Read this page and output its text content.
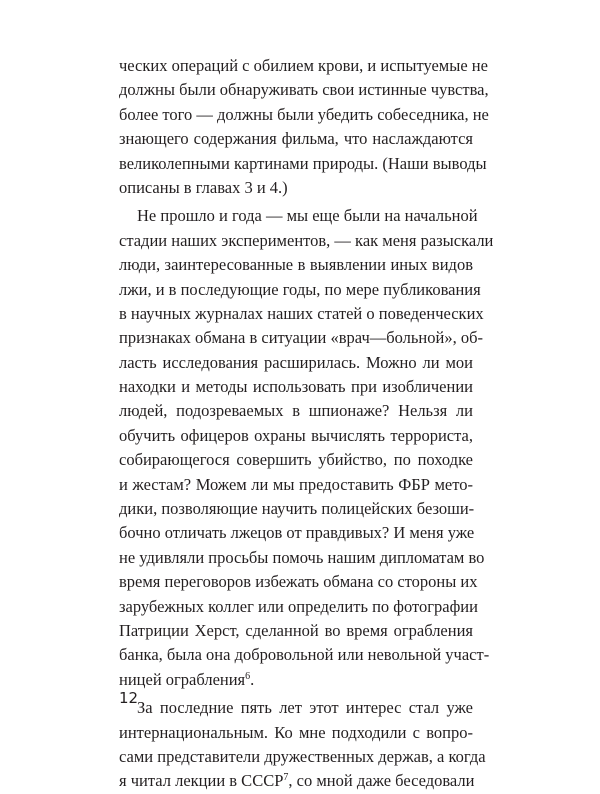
ческих операций с обилием крови, и испытуемые не
должны были обнаруживать свои истинные чувства,
более того — должны были убедить собеседника, не
знающего содержания фильма, что наслаждаются
великолепными картинами природы. (Наши выводы
описаны в главах 3 и 4.)
Не прошло и года — мы еще были на начальной
стадии наших экспериментов, — как меня разыскали
люди, заинтересованные в выявлении иных видов
лжи, и в последующие годы, по мере публикования
в научных журналах наших статей о поведенческих
признаках обмана в ситуации «врач—больной», об-
ласть исследования расширилась. Можно ли мои
находки и методы использовать при изобличении
людей, подозреваемых в шпионаже? Нельзя ли
обучить офицеров охраны вычислять террориста,
собирающегося совершить убийство, по походке
и жестам? Можем ли мы предоставить ФБР мето-
дики, позволяющие научить полицейских безоши-
бочно отличать лжецов от правдивых? И меня уже
не удивляли просьбы помочь нашим дипломатам во
время переговоров избежать обмана со стороны их
зарубежных коллег или определить по фотографии
Патриции Херст, сделанной во время ограбления
банка, была она добровольной или невольной участ-
ницей ограбления$^6$.
За последние пять лет этот интерес стал уже
интернациональным. Ко мне подходили с вопро-
сами представители дружественных держав, а когда
я читал лекции в СССР$^7$, со мной даже беседовали
12
